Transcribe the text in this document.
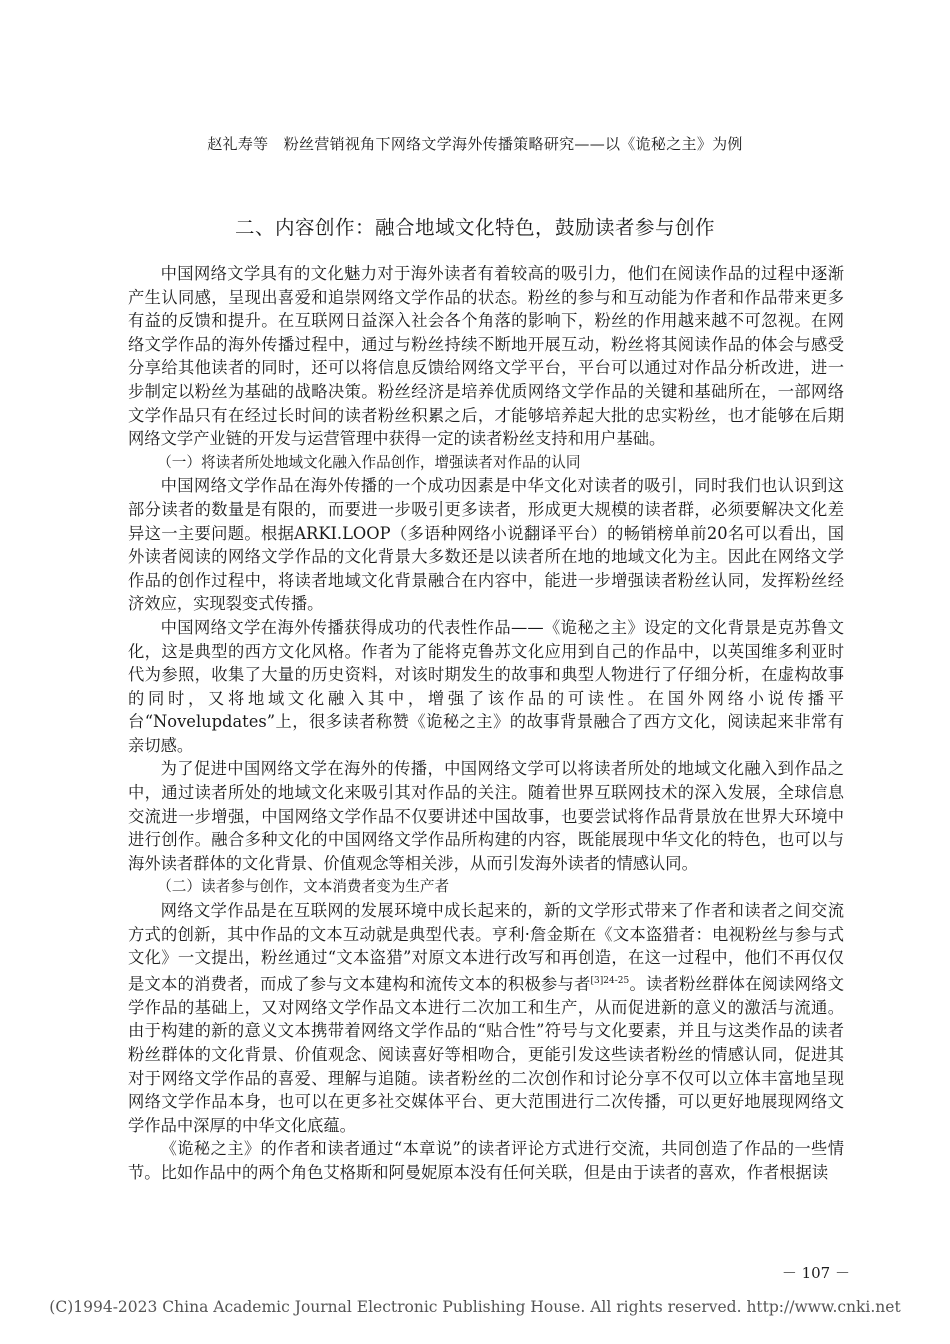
赵礼寿等　粉丝营销视角下网络文学海外传播策略研究——以《诡秘之主》为例
二、内容创作：融合地域文化特色，鼓励读者参与创作

中国网络文学具有的文化魅力对于海外读者有着较高的吸引力，他们在阅读作品的过程中逐渐产生认同感，呈现出喜爱和追崇网络文学作品的状态。粉丝的参与和互动能为作者和作品带来更多有益的反馈和提升。在互联网日益深入社会各个角落的影响下，粉丝的作用越来越不可忽视。在网络文学作品的海外传播过程中，通过与粉丝持续不断地开展互动，粉丝将其阅读作品的体会与感受分享给其他读者的同时，还可以将信息反馈给网络文学平台，平台可以通过对作品分析改进，进一步制定以粉丝为基础的战略决策。粉丝经济是培养优质网络文学作品的关键和基础所在，一部网络文学作品只有在经过长时间的读者粉丝积累之后，才能够培养起大批的忠实粉丝，也才能够在后期网络文学产业链的开发与运营管理中获得一定的读者粉丝支持和用户基础。

（一）将读者所处地域文化融入作品创作，增强读者对作品的认同

中国网络文学作品在海外传播的一个成功因素是中华文化对读者的吸引，同时我们也认识到这部分读者的数量是有限的，而要进一步吸引更多读者，形成更大规模的读者群，必须要解决文化差异这一主要问题。根据ARKI.LOOP（多语种网络小说翻译平台）的畅销榜单前20名可以看出，国外读者阅读的网络文学作品的文化背景大多数还是以读者所在地的地域文化为主。因此在网络文学作品的创作过程中，将读者地域文化背景融合在内容中，能进一步增强读者粉丝认同，发挥粉丝经济效应，实现裂变式传播。

中国网络文学在海外传播获得成功的代表性作品——《诡秘之主》设定的文化背景是克苏鲁文化，这是典型的西方文化风格。作者为了能将克鲁苏文化应用到自己的作品中，以英国维多利亚时代为参照，收集了大量的历史资料，对该时期发生的故事和典型人物进行了仔细分析，在虚构故事的同时，又将地域文化融入其中，增强了该作品的可读性。在国外网络小说传播平台“Novelupdates”上，很多读者称赞《诡秘之主》的故事背景融合了西方文化，阅读起来非常有亲切感。

为了促进中国网络文学在海外的传播，中国网络文学可以将读者所处的地域文化融入到作品之中，通过读者所处的地域文化来吸引其对作品的关注。随着世界互联网技术的深入发展，全球信息交流进一步增强，中国网络文学作品不仅要讲述中国故事，也要尝试将作品背景放在世界大环境中进行创作。融合多种文化的中国网络文学作品所构建的内容，既能展现中华文化的特色，也可以与海外读者群体的文化背景、价值观念等相关涉，从而引发海外读者的情感认同。

（二）读者参与创作，文本消费者变为生产者

网络文学作品是在互联网的发展环境中成长起来的，新的文学形式带来了作者和读者之间交流方式的创新，其中作品的文本互动就是典型代表。亨利·詹金斯在《文本盗猎者：电视粉丝与参与式文化》一文提出，粉丝通过“文本盗猎”对原文本进行改写和再创造，在这一过程中，他们不再仅仅是文本的消费者，而成了参与文本建构和流传文本的积极参与者$^{[3]24-25}$。读者粉丝群体在阅读网络文学作品的基础上，又对网络文学作品文本进行二次加工和生产，从而促进新的意义的激活与流通。由于构建的新的意义文本携带着网络文学作品的“贴合性”符号与文化要素，并且与这类作品的读者粉丝群体的文化背景、价值观念、阅读喜好等相吻合，更能引发这些读者粉丝的情感认同，促进其对于网络文学作品的喜爱、理解与追随。读者粉丝的二次创作和讨论分享不仅可以立体丰富地呈现网络文学作品本身，也可以在更多社交媒体平台、更大范围进行二次传播，可以更好地展现网络文学作品中深厚的中华文化底蕴。

《诡秘之主》的作者和读者通过“本章说”的读者评论方式进行交流，共同创造了作品的一些情节。比如作品中的两个角色艾格斯和阿曼妮原本没有任何关联，但是由于读者的喜欢，作者根据读

－ 107 －
(C)1994-2023 China Academic Journal Electronic Publishing House. All rights reserved. http://www.cnki.net
